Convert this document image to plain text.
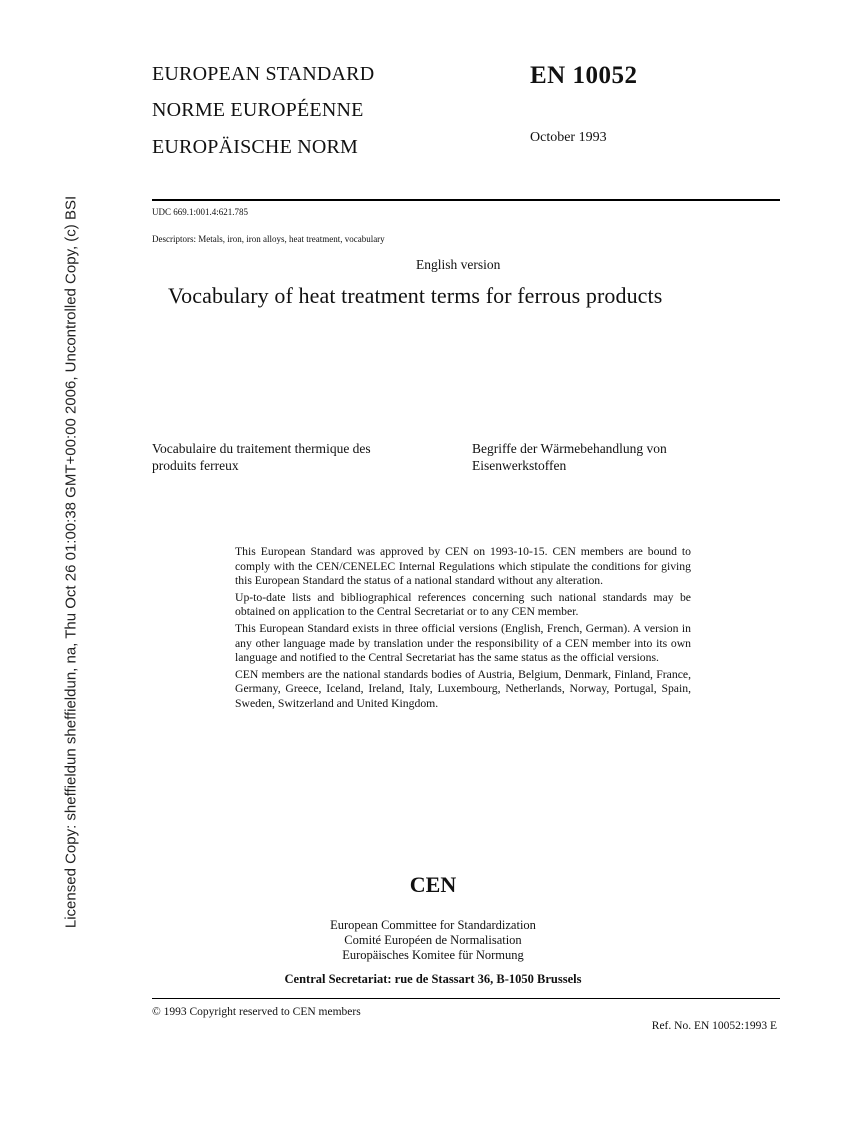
EUROPEAN STANDARD
NORME EUROPÉENNE
EUROPÄISCHE NORM
EN 10052
October 1993
UDC 669.1:001.4:621.785
Descriptors: Metals, iron, iron alloys, heat treatment, vocabulary
English version
Vocabulary of heat treatment terms for ferrous products
Vocabulaire du traitement thermique des
produits ferreux
Begriffe der Wärmebehandlung von
Eisenwerkstoffen

This European Standard was approved by CEN on 1993-10-15. CEN members are bound to comply with the CEN/CENELEC Internal Regulations which stipulate the conditions for giving this European Standard the status of a national standard without any alteration.

Up-to-date lists and bibliographical references concerning such national standards may be obtained on application to the Central Secretariat or to any CEN member.

This European Standard exists in three official versions (English, French, German). A version in any other language made by translation under the responsibility of a CEN member into its own language and notified to the Central Secretariat has the same status as the official versions.

CEN members are the national standards bodies of Austria, Belgium, Denmark, Finland, France, Germany, Greece, Iceland, Ireland, Italy, Luxembourg, Netherlands, Norway, Portugal, Spain, Sweden, Switzerland and United Kingdom.

CEN
European Committee for Standardization
Comité Européen de Normalisation
Europäisches Komitee für Normung
Central Secretariat: rue de Stassart 36, B-1050 Brussels
© 1993 Copyright reserved to CEN members
Ref. No. EN 10052:1993 E
Licensed Copy: sheffieldun sheffieldun, na, Thu Oct 26 01:00:38 GMT+00:00 2006, Uncontrolled Copy, (c) BSI
